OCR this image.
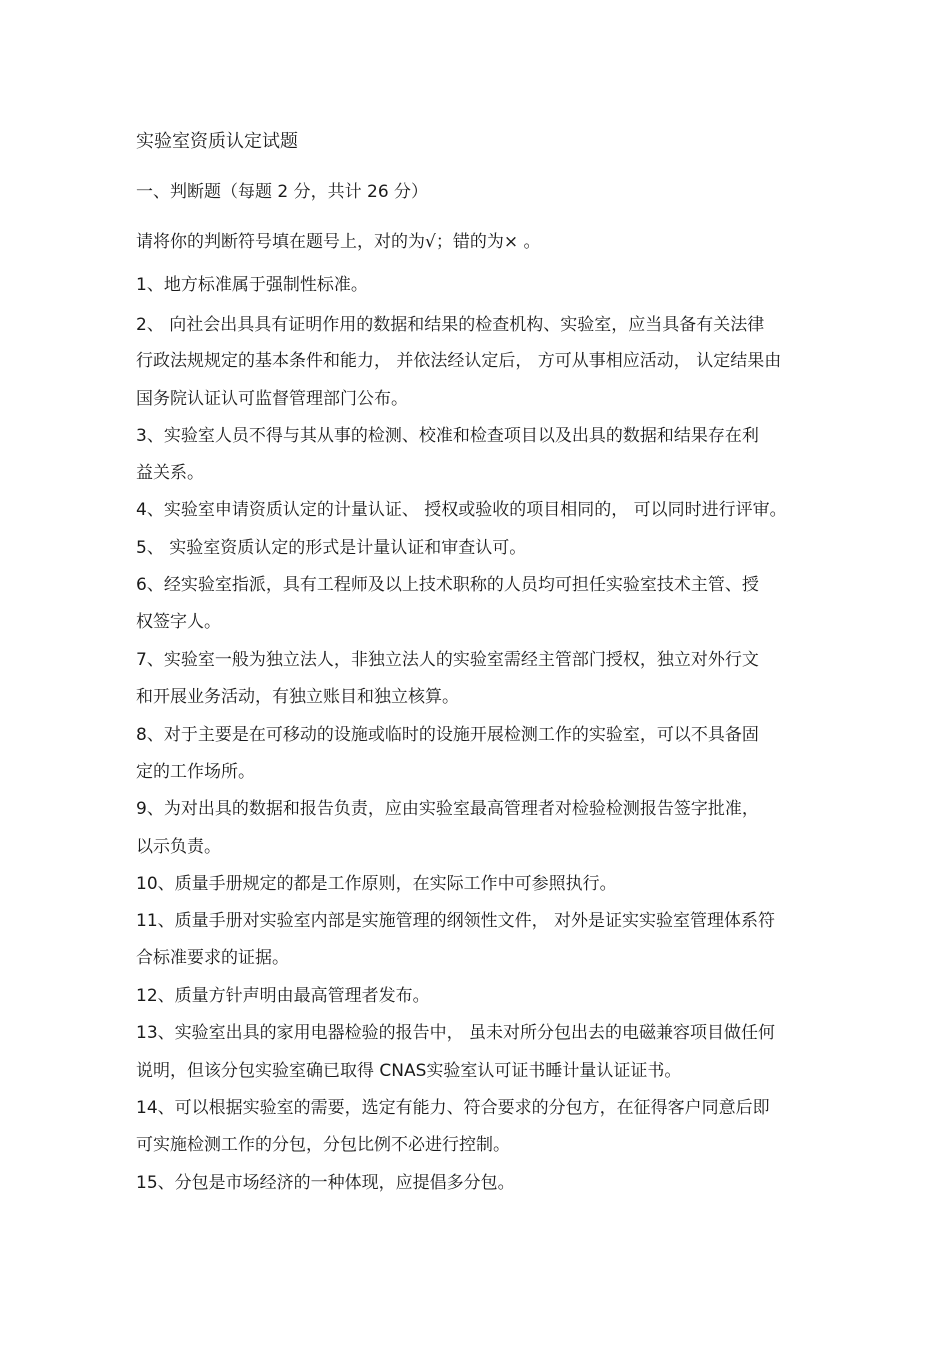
实验室资质认定试题

一、判断题（每题 2 分，共计 26 分）

请将你的判断符号填在题号上，对的为√；错的为× 。

1、地方标准属于强制性标准。

2、 向社会出具具有证明作用的数据和结果的检查机构、实验室，应当具备有关法律

行政法规规定的基本条件和能力， 并依法经认定后， 方可从事相应活动， 认定结果由

国务院认证认可监督管理部门公布。

3、实验室人员不得与其从事的检测、校准和检查项目以及出具的数据和结果存在利

益关系。

4、实验室申请资质认定的计量认证、 授权或验收的项目相同的， 可以同时进行评审。

5、 实验室资质认定的形式是计量认证和审查认可。

6、经实验室指派，具有工程师及以上技术职称的人员均可担任实验室技术主管、授

权签字人。

7、实验室一般为独立法人，非独立法人的实验室需经主管部门授权，独立对外行文

和开展业务活动，有独立账目和独立核算。

8、对于主要是在可移动的设施或临时的设施开展检测工作的实验室，可以不具备固

定的工作场所。

9、为对出具的数据和报告负责，应由实验室最高管理者对检验检测报告签字批准，

以示负责。

10、质量手册规定的都是工作原则，在实际工作中可参照执行。

11、质量手册对实验室内部是实施管理的纲领性文件， 对外是证实实验室管理体系符

合标准要求的证据。

12、质量方针声明由最高管理者发布。

13、实验室出具的家用电器检验的报告中， 虽未对所分包出去的电磁兼容项目做任何

说明，但该分包实验室确已取得 CNAS实验室认可证书睡计量认证证书。

14、可以根据实验室的需要，选定有能力、符合要求的分包方，在征得客户同意后即

可实施检测工作的分包，分包比例不必进行控制。

15、分包是市场经济的一种体现，应提倡多分包。
